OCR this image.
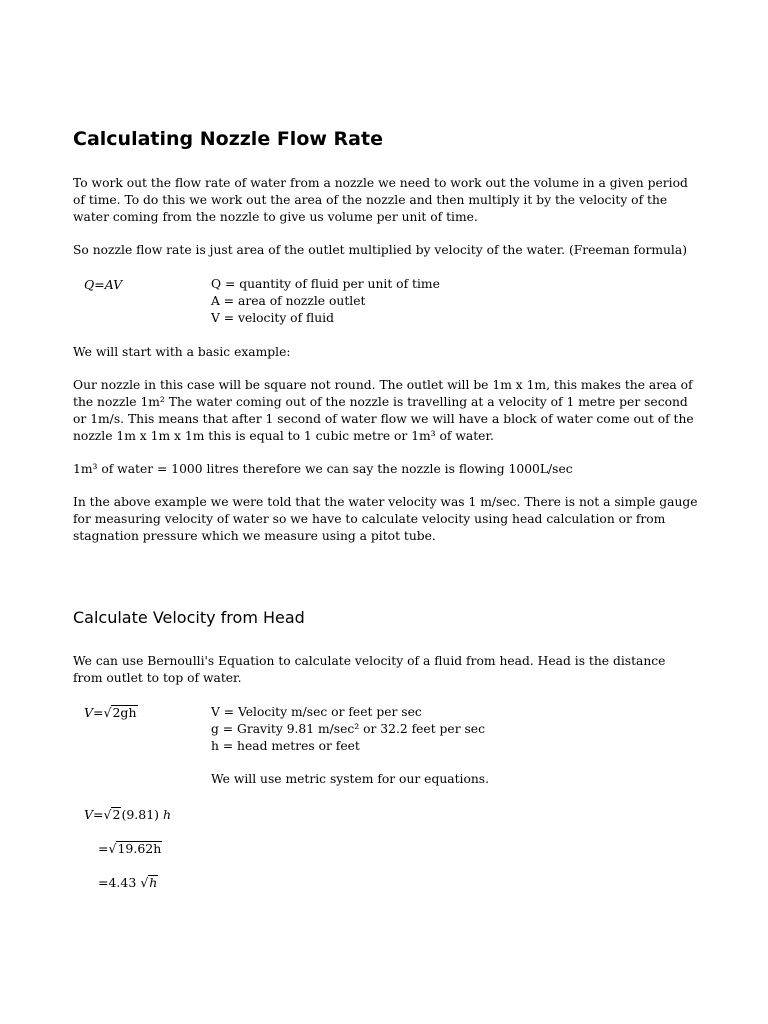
Calculating Nozzle Flow Rate
To work out the flow rate of water from a nozzle we need to work out the volume in a given period
of time. To do this we work out the area of the nozzle and then multiply it by the velocity of the
water coming from the nozzle to give us volume per unit of time.
So nozzle flow rate is just area of the outlet multiplied by velocity of the water. (Freeman formula)
Q=AV	Q = quantity of fluid per unit of time
A = area of nozzle outlet
V = velocity of fluid
We will start with a basic example:
Our nozzle in this case will be square not round. The outlet will be 1m x 1m, this makes the area of
the nozzle 1m² The water coming out of the nozzle is travelling at a velocity of 1 metre per second
or 1m/s. This means that after 1 second of water flow we will have a block of water come out of the
nozzle 1m x 1m x 1m this is equal to 1 cubic metre or 1m³ of water.
1m³ of water = 1000 litres therefore we can say the nozzle is flowing 1000L/sec
In the above example we were told that the water velocity was 1 m/sec. There is not a simple gauge
for measuring velocity of water so we have to calculate velocity using head calculation or from
stagnation pressure which we measure using a pitot tube.
Calculate Velocity from Head
We can use Bernoulli's Equation to calculate velocity of a fluid from head. Head is the distance
from outlet to top of water.
V=√2gh	V = Velocity m/sec or feet per sec
g = Gravity 9.81 m/sec² or 32.2 feet per sec
h = head metres or feet
We will use metric system for our equations.
V=√2(9.81) h
=√19.62h
=4.43 √h
